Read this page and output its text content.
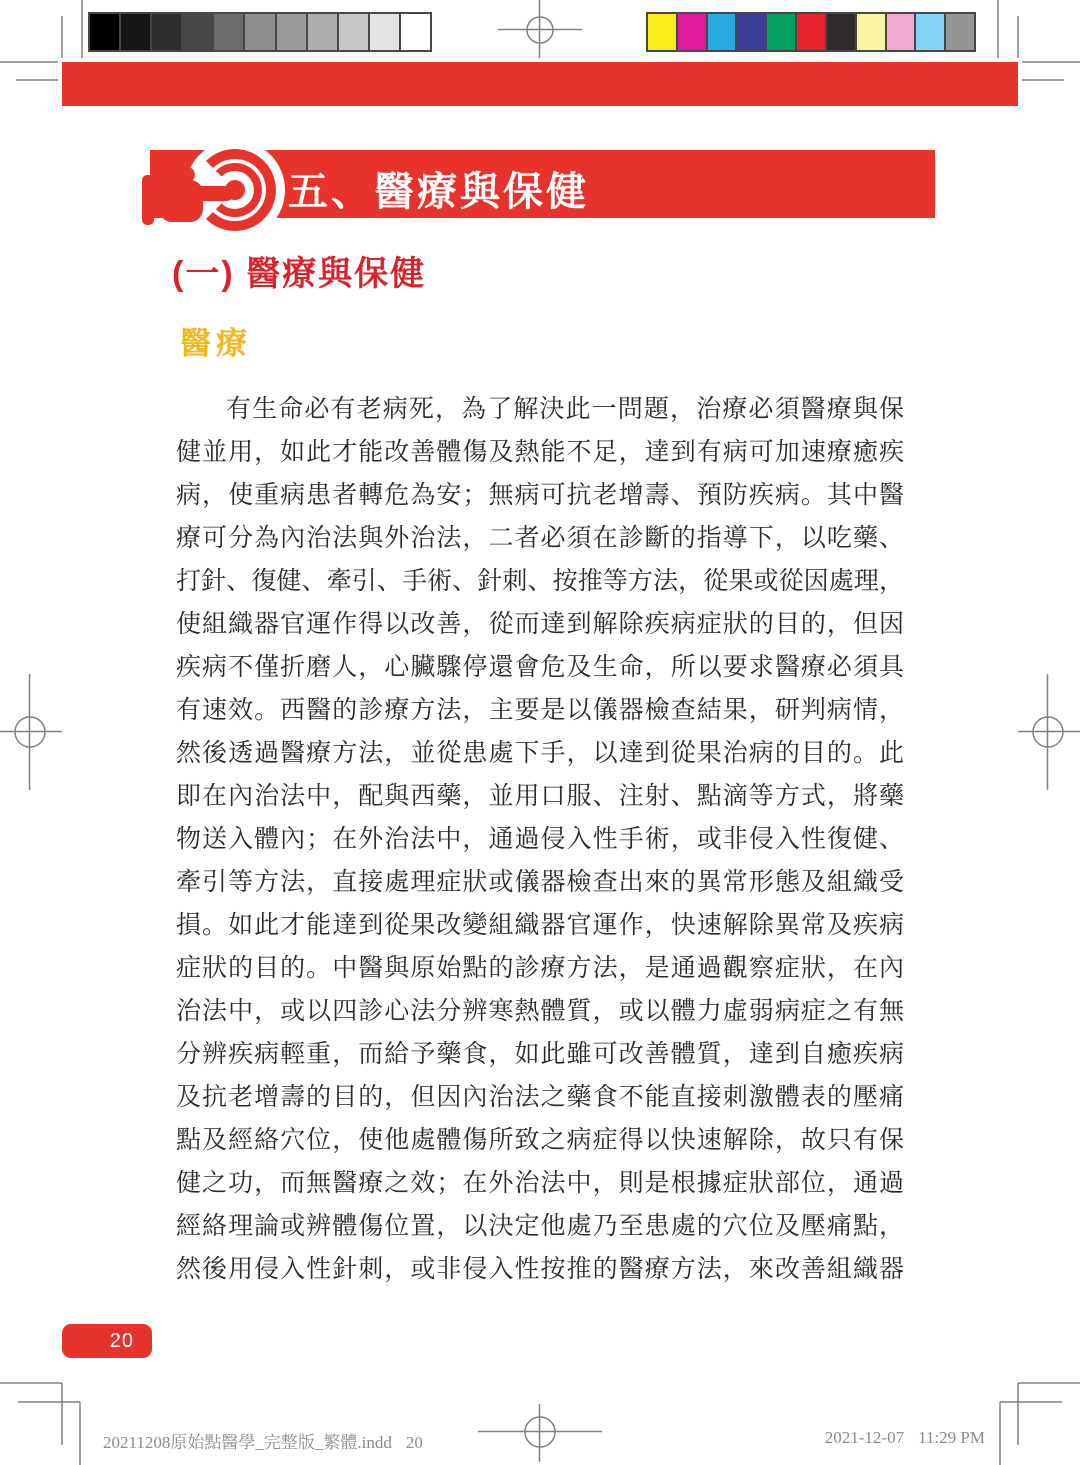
五、醫療與保健
(一) 醫療與保健
醫療
有生命必有老病死，為了解決此一問題，治療必須醫療與保
健並用，如此才能改善體傷及熱能不足，達到有病可加速療癒疾
病，使重病患者轉危為安；無病可抗老增壽、預防疾病。其中醫
療可分為內治法與外治法，二者必須在診斷的指導下，以吃藥、
打針、復健、牽引、手術、針刺、按推等方法，從果或從因處理，
使組織器官運作得以改善，從而達到解除疾病症狀的目的，但因
疾病不僅折磨人，心臟驟停還會危及生命，所以要求醫療必須具
有速效。西醫的診療方法，主要是以儀器檢查結果，研判病情，
然後透過醫療方法，並從患處下手，以達到從果治病的目的。此
即在內治法中，配與西藥，並用口服、注射、點滴等方式，將藥
物送入體內；在外治法中，通過侵入性手術，或非侵入性復健、
牽引等方法，直接處理症狀或儀器檢查出來的異常形態及組織受
損。如此才能達到從果改變組織器官運作，快速解除異常及疾病
症狀的目的。中醫與原始點的診療方法，是通過觀察症狀，在內
治法中，或以四診心法分辨寒熱體質，或以體力虛弱病症之有無
分辨疾病輕重，而給予藥食，如此雖可改善體質，達到自癒疾病
及抗老增壽的目的，但因內治法之藥食不能直接刺激體表的壓痛
點及經絡穴位，使他處體傷所致之病症得以快速解除，故只有保
健之功，而無醫療之效；在外治法中，則是根據症狀部位，通過
經絡理論或辨體傷位置，以決定他處乃至患處的穴位及壓痛點，
然後用侵入性針刺，或非侵入性按推的醫療方法，來改善組織器
20
20211208原始點醫學_完整版_繁體.indd 20	2021-12-07 11:29 PM
